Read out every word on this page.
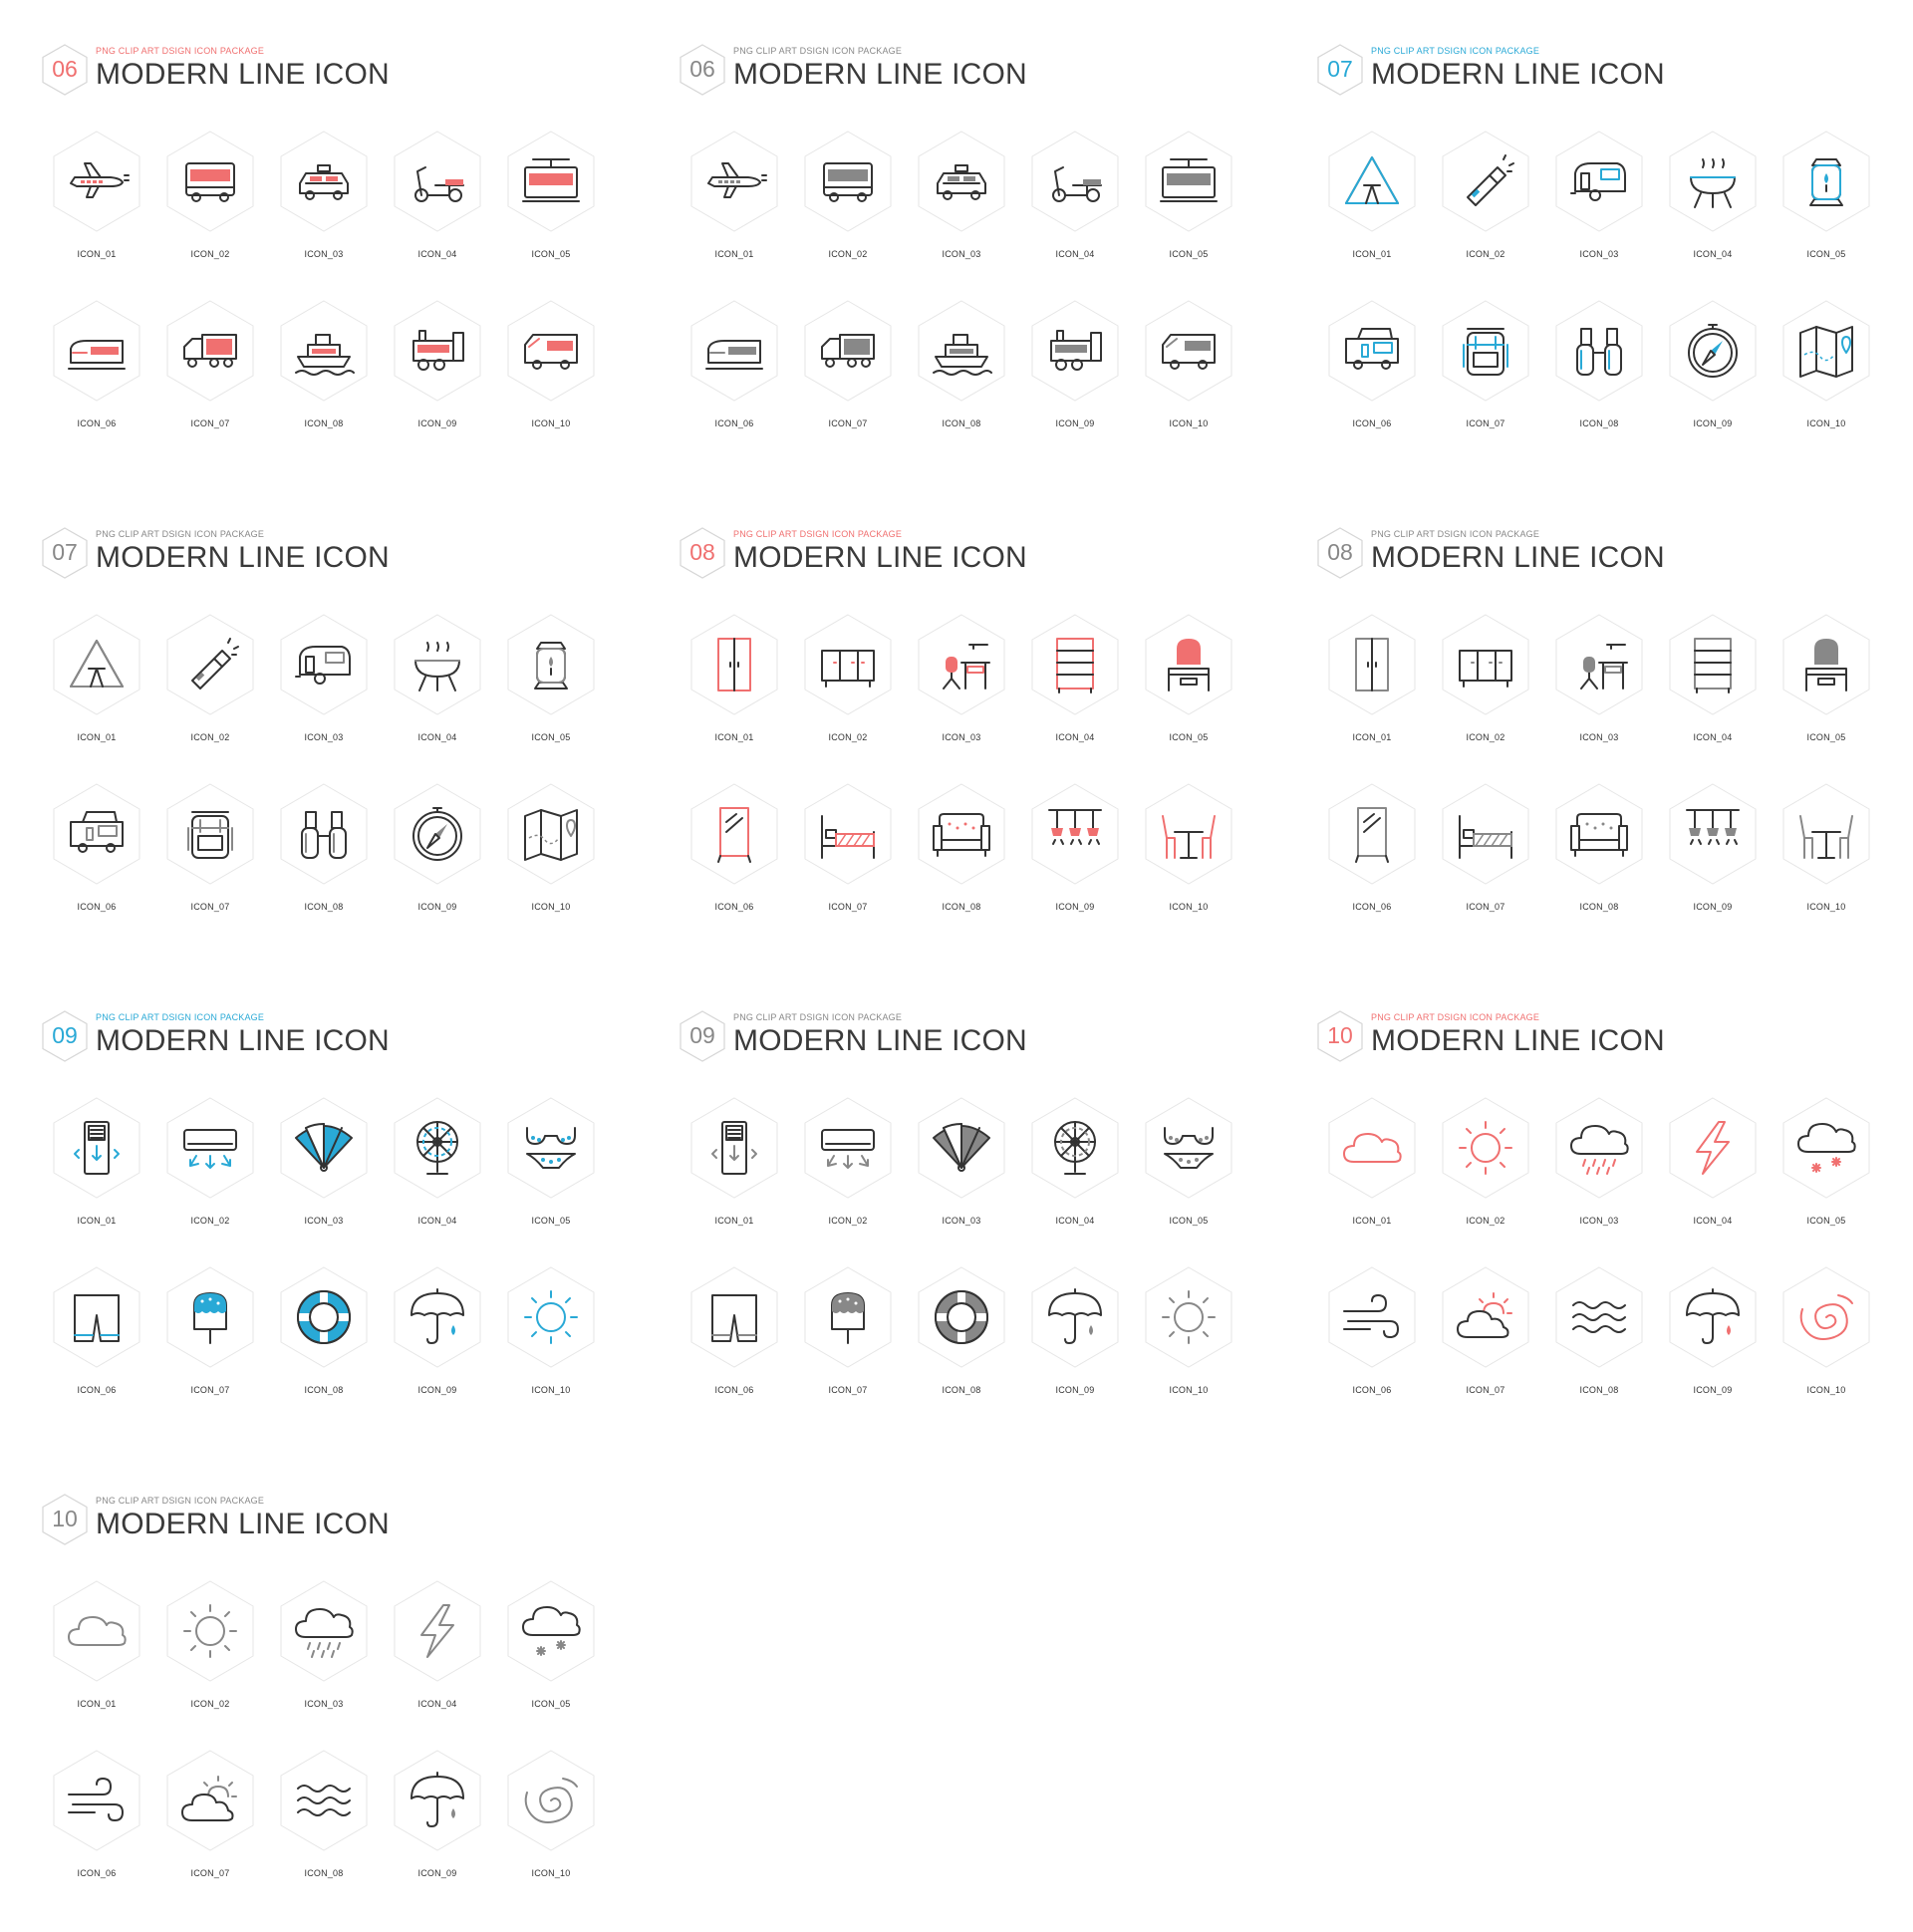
06
PNG CLIP ART DSIGN ICON PACKAGE
MODERN LINE ICON
ICON_01	ICON_02	ICON_03	ICON_04	ICON_05
ICON_06	ICON_07	ICON_08	ICON_09	ICON_10
06
PNG CLIP ART DSIGN ICON PACKAGE
MODERN LINE ICON
ICON_01	ICON_02	ICON_03	ICON_04	ICON_05
ICON_06	ICON_07	ICON_08	ICON_09	ICON_10
07
PNG CLIP ART DSIGN ICON PACKAGE
MODERN LINE ICON
ICON_01	ICON_02	ICON_03	ICON_04	ICON_05
ICON_06	ICON_07	ICON_08	ICON_09	ICON_10
07
PNG CLIP ART DSIGN ICON PACKAGE
MODERN LINE ICON
ICON_01	ICON_02	ICON_03	ICON_04	ICON_05
ICON_06	ICON_07	ICON_08	ICON_09	ICON_10
08
PNG CLIP ART DSIGN ICON PACKAGE
MODERN LINE ICON
ICON_01	ICON_02	ICON_03	ICON_04	ICON_05
ICON_06	ICON_07	ICON_08	ICON_09	ICON_10
08
PNG CLIP ART DSIGN ICON PACKAGE
MODERN LINE ICON
ICON_01	ICON_02	ICON_03	ICON_04	ICON_05
ICON_06	ICON_07	ICON_08	ICON_09	ICON_10
09
PNG CLIP ART DSIGN ICON PACKAGE
MODERN LINE ICON
ICON_01	ICON_02	ICON_03	ICON_04	ICON_05
ICON_06	ICON_07	ICON_08	ICON_09	ICON_10
09
PNG CLIP ART DSIGN ICON PACKAGE
MODERN LINE ICON
ICON_01	ICON_02	ICON_03	ICON_04	ICON_05
ICON_06	ICON_07	ICON_08	ICON_09	ICON_10
10
PNG CLIP ART DSIGN ICON PACKAGE
MODERN LINE ICON
ICON_01	ICON_02	ICON_03	ICON_04	ICON_05
ICON_06	ICON_07	ICON_08	ICON_09	ICON_10
10
PNG CLIP ART DSIGN ICON PACKAGE
MODERN LINE ICON
ICON_01	ICON_02	ICON_03	ICON_04	ICON_05
ICON_06	ICON_07	ICON_08	ICON_09	ICON_10
